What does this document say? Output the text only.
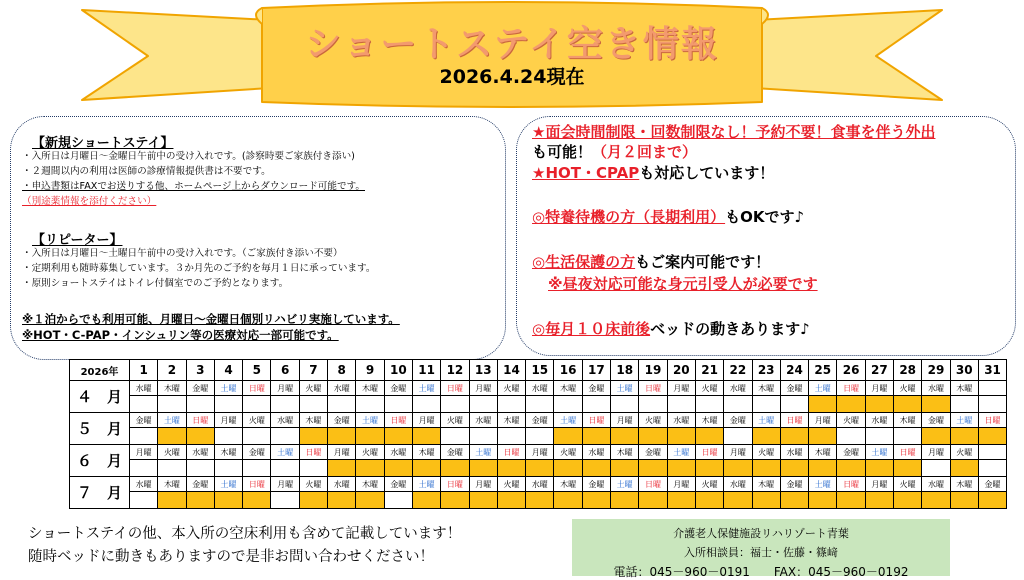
ショートステイ空き情報
2026.4.24現在
【新規ショートステイ】
・入所日は月曜日～金曜日午前中の受け入れです。(診察時要ご家族付き添い)
・２週間以内の利用は医師の診療情報提供書は不要です。
・申込書類はFAXでお送りする他、ホームページ上からダウンロード可能です。
（別途薬情報を添付ください）
【リピーター】
・入所日は月曜日～土曜日午前中の受け入れです。（ご家族付き添い不要）
・定期利用も随時募集しています。３か月先のご予約を毎月１日に承っています。
・原則ショートステイはトイレ付個室でのご予約となります。
※１泊からでも利用可能、月曜日～金曜日個別リハビリ実施しています。
※HOT・C-PAP・インシュリン等の医療対応一部可能です。
★面会時間制限・回数制限なし！予約不要！食事を伴う外出
も可能！（月２回まで）
★HOT・CPAPも対応しています！
◎特養待機の方（長期利用）もOKです♪
◎生活保護の方もご案内可能です！
※昼夜対応可能な身元引受人が必要です
◎毎月１０床前後ベッドの動きあります♪
2026年	1	2	3	4	5	6	7	8	9	10	11	12	13	14	15	16	17	18	19	20	21	22	23	24	25	26	27	28	29	30	31
４　月	水曜	木曜	金曜	土曜	日曜	月曜	火曜	水曜	木曜	金曜	土曜	日曜	月曜	火曜	水曜	木曜	金曜	土曜	日曜	月曜	火曜	水曜	木曜	金曜	土曜	日曜	月曜	火曜	水曜	木曜	

５　月	金曜	土曜	日曜	月曜	火曜	水曜	木曜	金曜	土曜	日曜	月曜	火曜	水曜	木曜	金曜	土曜	日曜	月曜	火曜	水曜	木曜	金曜	土曜	日曜	月曜	火曜	水曜	木曜	金曜	土曜	日曜

６　月	月曜	火曜	水曜	木曜	金曜	土曜	日曜	月曜	火曜	水曜	木曜	金曜	土曜	日曜	月曜	火曜	水曜	木曜	金曜	土曜	日曜	月曜	火曜	水曜	木曜	金曜	土曜	日曜	月曜	火曜	

７　月	水曜	木曜	金曜	土曜	日曜	月曜	火曜	水曜	木曜	金曜	土曜	日曜	月曜	火曜	水曜	木曜	金曜	土曜	日曜	月曜	火曜	水曜	木曜	金曜	土曜	日曜	月曜	火曜	水曜	木曜	金曜

ショートステイの他、本入所の空床利用も含めて記載しています！
随時ベッドに動きもありますので是非お問い合わせください！
介護老人保健施設リハリゾート青葉
入所相談員：福士・佐藤・篠﨑
電話：045－960－0191　　FAX：045－960－0192
